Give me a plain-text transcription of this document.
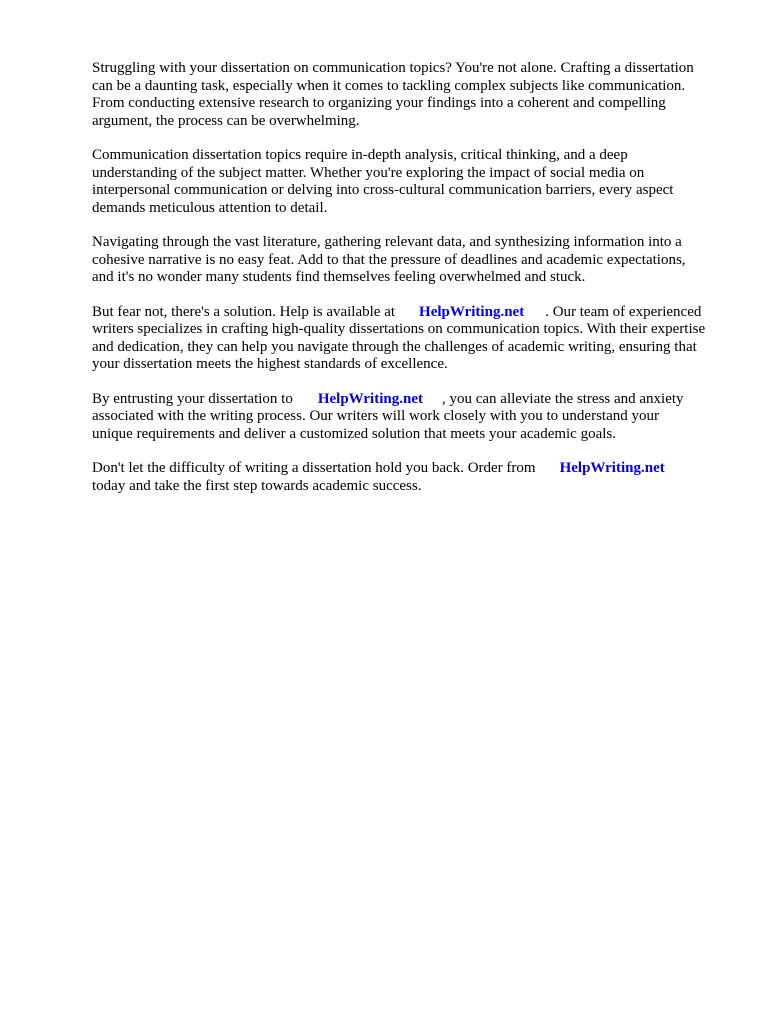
Struggling with your dissertation on communication topics? You're not alone. Crafting a dissertation
can be a daunting task, especially when it comes to tackling complex subjects like communication.
From conducting extensive research to organizing your findings into a coherent and compelling
argument, the process can be overwhelming.

Communication dissertation topics require in-depth analysis, critical thinking, and a deep
understanding of the subject matter. Whether you're exploring the impact of social media on
interpersonal communication or delving into cross-cultural communication barriers, every aspect
demands meticulous attention to detail.

Navigating through the vast literature, gathering relevant data, and synthesizing information into a
cohesive narrative is no easy feat. Add to that the pressure of deadlines and academic expectations,
and it's no wonder many students find themselves feeling overwhelmed and stuck.

But fear not, there's a solution. Help is available at HelpWriting.net . Our team of experienced
writers specializes in crafting high-quality dissertations on communication topics. With their expertise
and dedication, they can help you navigate through the challenges of academic writing, ensuring that
your dissertation meets the highest standards of excellence.

By entrusting your dissertation to HelpWriting.net , you can alleviate the stress and anxiety
associated with the writing process. Our writers will work closely with you to understand your
unique requirements and deliver a customized solution that meets your academic goals.

Don't let the difficulty of writing a dissertation hold you back. Order from HelpWriting.net
today and take the first step towards academic success.
